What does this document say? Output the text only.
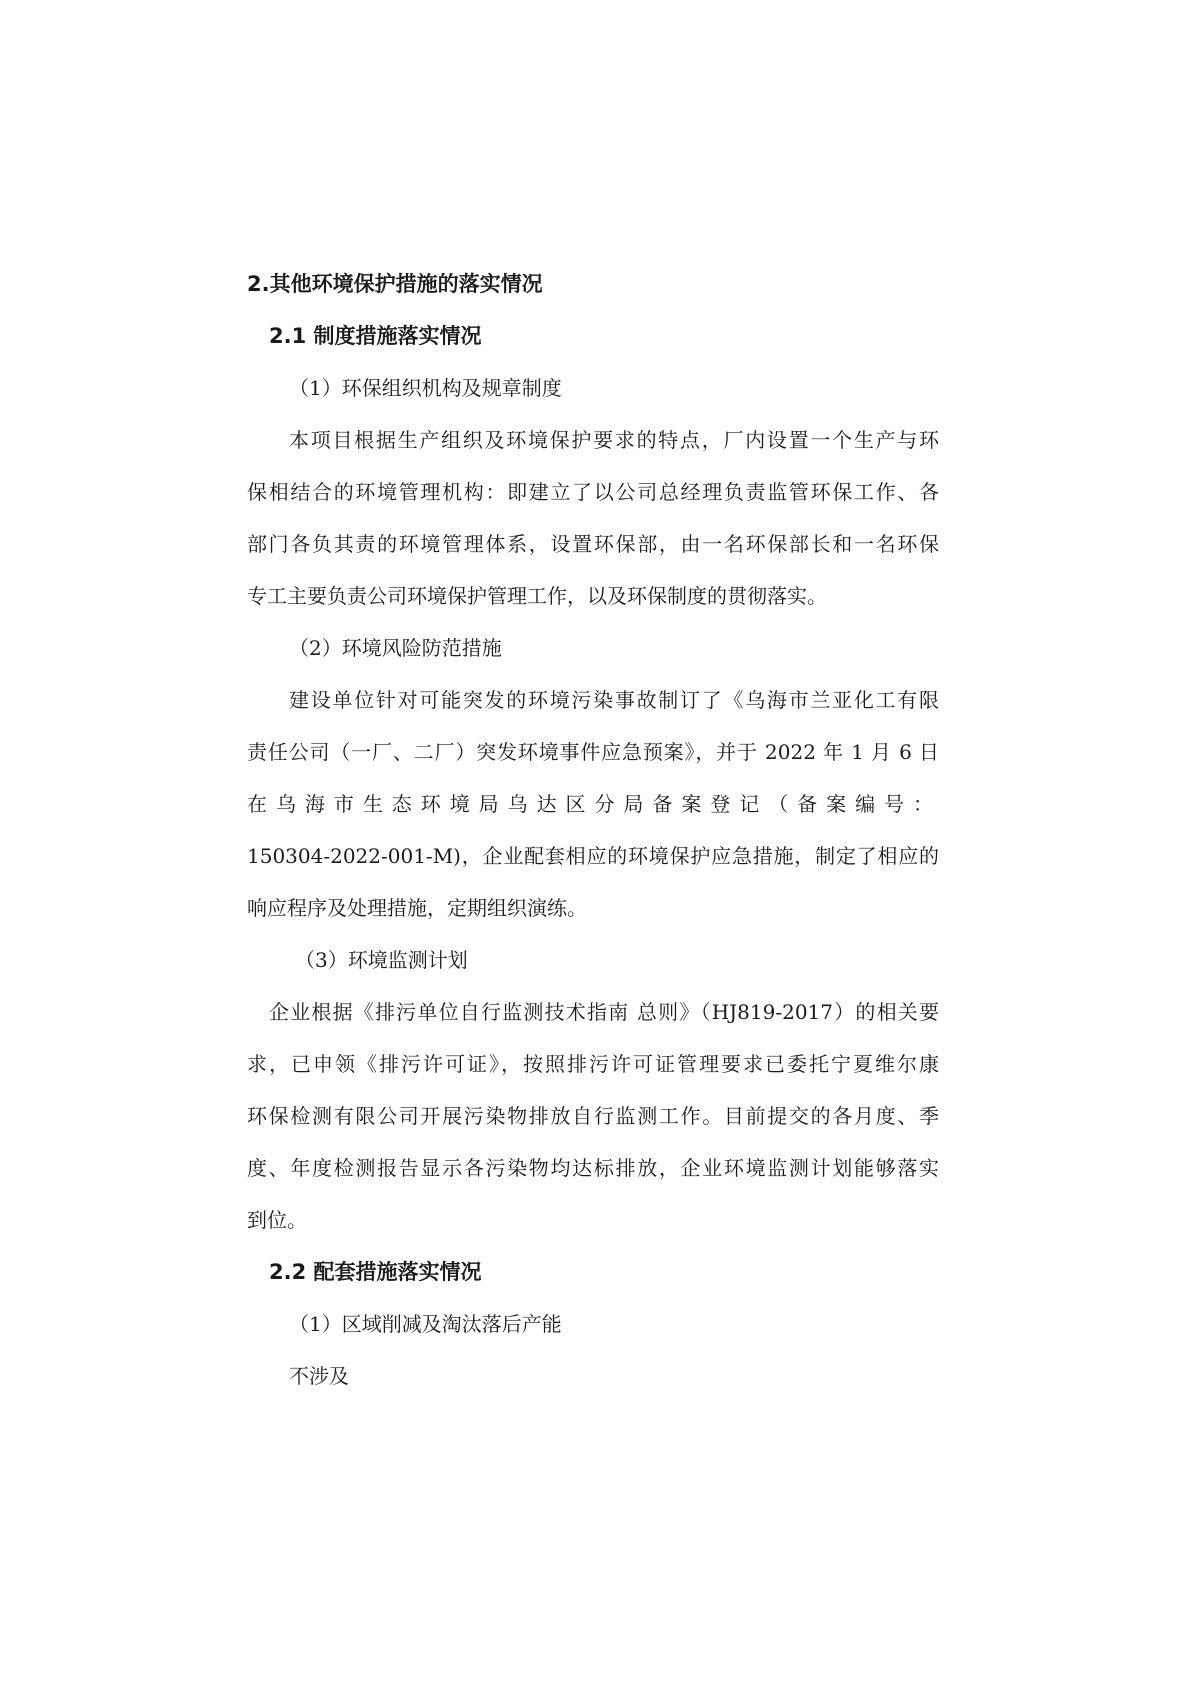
2.其他环境保护措施的落实情况
2.1 制度措施落实情况
（1）环保组织机构及规章制度
本项目根据生产组织及环境保护要求的特点，厂内设置一个生产与环
保相结合的环境管理机构：即建立了以公司总经理负责监管环保工作、各
部门各负其责的环境管理体系，设置环保部，由一名环保部长和一名环保
专工主要负责公司环境保护管理工作，以及环保制度的贯彻落实。
（2）环境风险防范措施
建设单位针对可能突发的环境污染事故制订了《乌海市兰亚化工有限
责任公司（一厂、二厂）突发环境事件应急预案》，并于 2022 年 1 月 6 日
在乌海市生态环境局乌达区分局备案登记（备案编号：
150304-2022-001-M)，企业配套相应的环境保护应急措施，制定了相应的
响应程序及处理措施，定期组织演练。
（3）环境监测计划
企业根据《排污单位自行监测技术指南 总则》（HJ819-2017）的相关要
求，已申领《排污许可证》，按照排污许可证管理要求已委托宁夏维尔康
环保检测有限公司开展污染物排放自行监测工作。目前提交的各月度、季
度、年度检测报告显示各污染物均达标排放，企业环境监测计划能够落实
到位。
2.2 配套措施落实情况
（1）区域削减及淘汰落后产能
不涉及
